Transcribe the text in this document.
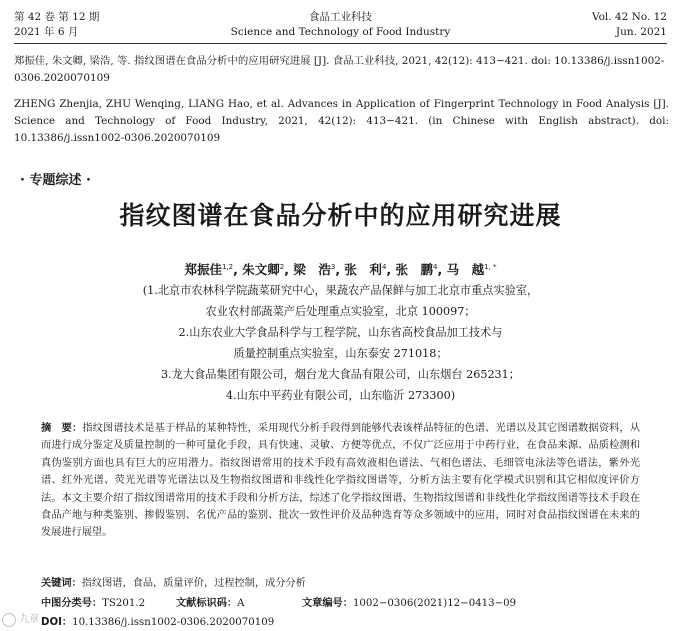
第 42 卷 第 12 期
2021 年 6 月
食品工业科技
Science and Technology of Food Industry
Vol. 42 No. 12
Jun. 2021
郑振佳, 朱文卿, 梁浩, 等. 指纹图谱在食品分析中的应用研究进展 [J]. 食品工业科技, 2021, 42(12): 413−421. doi: 10.13386/j.issn1002-0306.2020070109
ZHENG Zhenjia, ZHU Wenqing, LIANG Hao, et al. Advances in Application of Fingerprint Technology in Food Analysis [J]. Science and Technology of Food Industry, 2021, 42(12): 413−421. (in Chinese with English abstract). doi: 10.13386/j.issn1002-0306.2020070109
· 专题综述 ·
指纹图谱在食品分析中的应用研究进展
郑振佳$^{1,2}$, 朱文卿$^2$, 梁　浩$^3$, 张　利$^4$, 张　鹏$^4$, 马　越$^{1, *}$
(1.北京市农林科学院蔬菜研究中心，果蔬农产品保鲜与加工北京市重点实验室，
农业农村部蔬菜产后处理重点实验室，北京 100097；
2.山东农业大学食品科学与工程学院，山东省高校食品加工技术与
质量控制重点实验室，山东泰安 271018；
3.龙大食品集团有限公司，烟台龙大食品有限公司，山东烟台 265231；
4.山东中平药业有限公司，山东临沂 273300)
摘　要：指纹图谱技术是基于样品的某种特性，采用现代分析手段得到能够代表该样品特征的色谱、光谱以及其它图谱数据资料，从而进行成分鉴定及质量控制的一种可量化手段，具有快速、灵敏、方便等优点，不仅广泛应用于中药行业，在食品来源、品质检测和真伪鉴别方面也具有巨大的应用潜力。指纹图谱常用的技术手段有高效液相色谱法、气相色谱法、毛细管电泳法等色谱法，紫外光谱、红外光谱、荧光光谱等光谱法以及生物指纹图谱和非线性化学指纹图谱等，分析方法主要有化学模式识别和其它相似度评价方法。本文主要介绍了指纹图谱常用的技术手段和分析方法，综述了化学指纹图谱、生物指纹图谱和非线性化学指纹图谱等技术手段在食品产地与种类鉴别、掺假鉴别、名优产品的鉴别、批次一致性评价及品种选育等众多领域中的应用，同时对食品指纹图谱在未来的发展进行展望。
关键词：指纹图谱，食品，质量评价，过程控制，成分分析
中图分类号：TS201.2	文献标识码：A	文章编号：1002−0306(2021)12−0413−09
DOI：10.13386/j.issn1002-0306.2020070109
九章
